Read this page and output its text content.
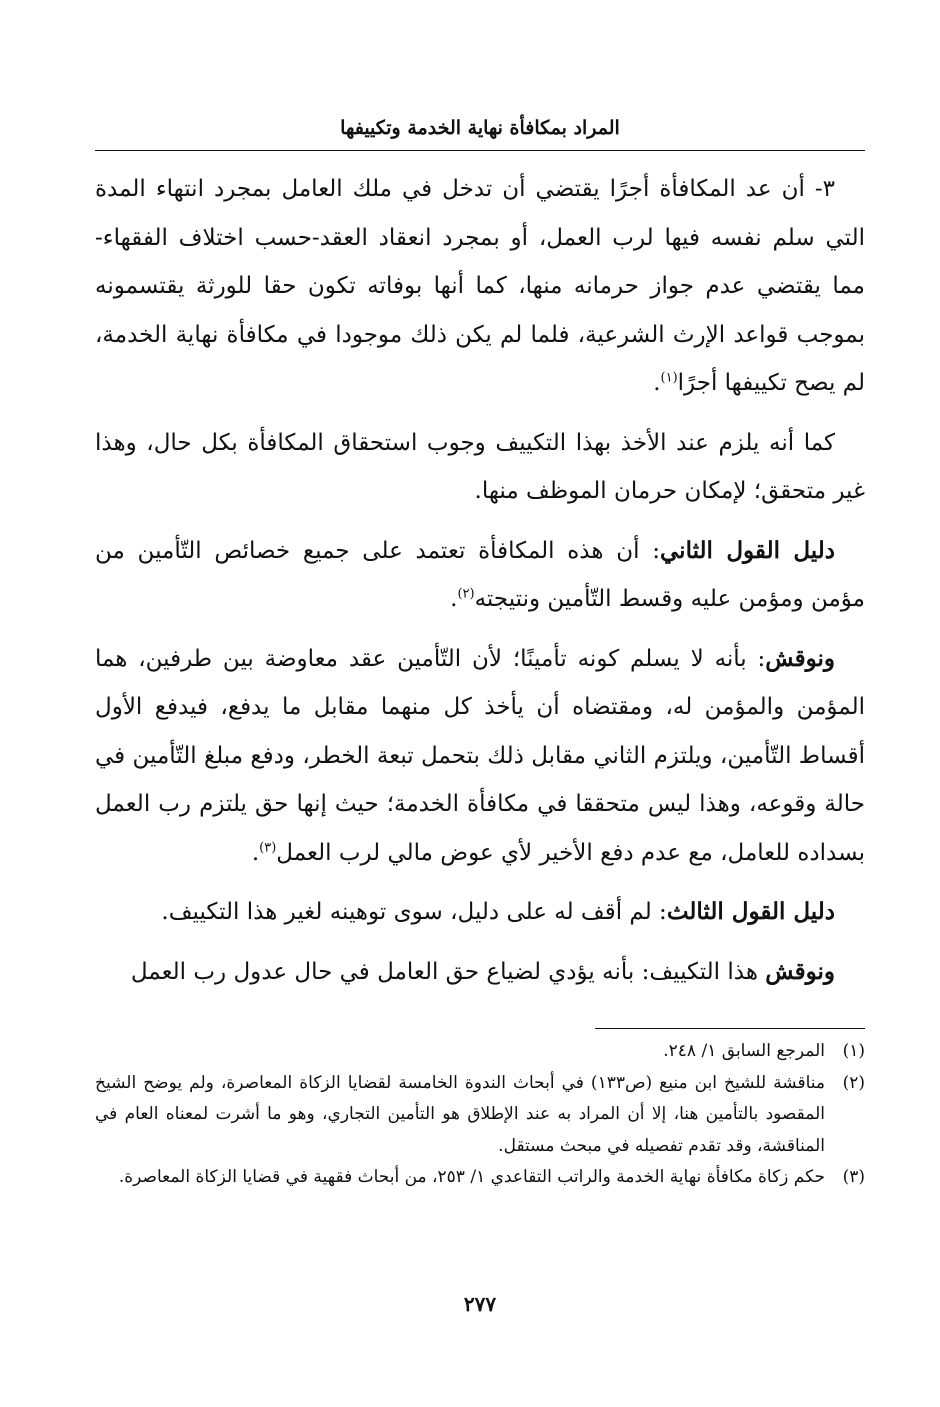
المراد بمكافأة نهاية الخدمة وتكييفها

٣- أن عد المكافأة أجرًا يقتضي أن تدخل في ملك العامل بمجرد انتهاء المدة التي سلم نفسه فيها لرب العمل، أو بمجرد انعقاد العقد-حسب اختلاف الفقهاء- مما يقتضي عدم جواز حرمانه منها، كما أنها بوفاته تكون حقا للورثة يقتسمونه بموجب قواعد الإرث الشرعية، فلما لم يكن ذلك موجودا في مكافأة نهاية الخدمة، لم يصح تكييفها أجرًا$^{(١)}$.

كما أنه يلزم عند الأخذ بهذا التكييف وجوب استحقاق المكافأة بكل حال، وهذا غير متحقق؛ لإمكان حرمان الموظف منها.

دليل القول الثاني: أن هذه المكافأة تعتمد على جميع خصائص التّأمين من مؤمن ومؤمن عليه وقسط التّأمين ونتيجته$^{(٢)}$.

ونوقش: بأنه لا يسلم كونه تأمينًا؛ لأن التّأمين عقد معاوضة بين طرفين، هما المؤمن والمؤمن له، ومقتضاه أن يأخذ كل منهما مقابل ما يدفع، فيدفع الأول أقساط التّأمين، ويلتزم الثاني مقابل ذلك بتحمل تبعة الخطر، ودفع مبلغ التّأمين في حالة وقوعه، وهذا ليس متحققا في مكافأة الخدمة؛ حيث إنها حق يلتزم رب العمل بسداده للعامل، مع عدم دفع الأخير لأي عوض مالي لرب العمل$^{(٣)}$.

دليل القول الثالث: لم أقف له على دليل، سوى توهينه لغير هذا التكييف.

ونوقش هذا التكييف: بأنه يؤدي لضياع حق العامل في حال عدول رب العمل

(١)
المرجع السابق ١/ ٢٤٨.
(٢)
مناقشة للشيخ ابن منيع (ص١٣٣) في أبحاث الندوة الخامسة لقضايا الزكاة المعاصرة، ولم يوضح الشيخ المقصود بالتأمين هنا، إلا أن المراد به عند الإطلاق هو التأمين التجاري، وهو ما أشرت لمعناه العام في المناقشة، وقد تقدم تفصيله في مبحث مستقل.
(٣)
حكم زكاة مكافأة نهاية الخدمة والراتب التقاعدي ١/ ٢٥٣، من أبحاث فقهية في قضايا الزكاة المعاصرة.
٢٧٧
